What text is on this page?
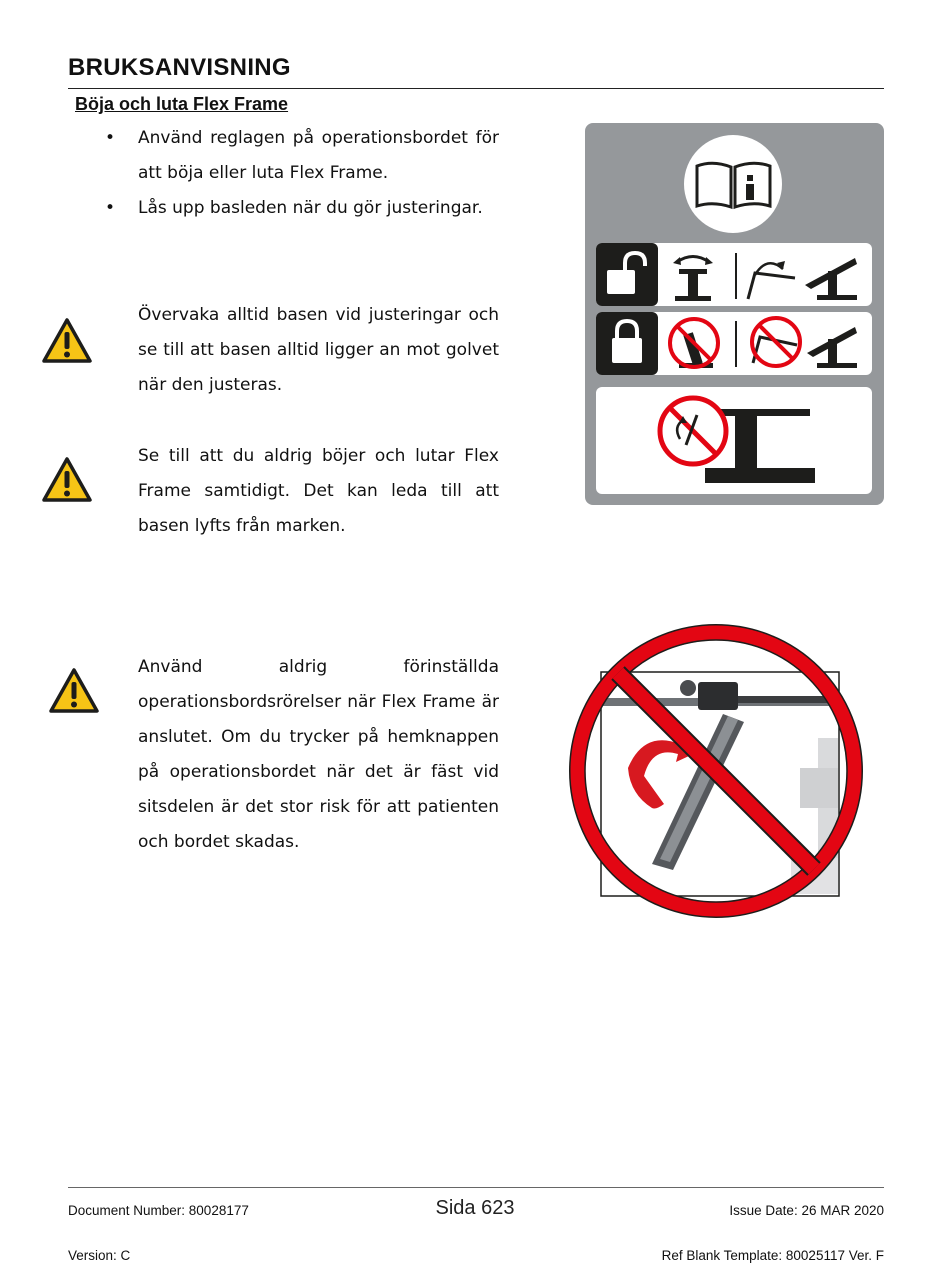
BRUKSANVISNING
Böja och luta Flex Frame
• Använd reglagen på operationsbordet för att böja eller luta Flex Frame.
• Lås upp basleden när du gör justeringar.

Övervaka alltid basen vid justeringar och se till att basen alltid ligger an mot golvet när den justeras.

Se till att du aldrig böjer och lutar Flex Frame samtidigt. Det kan leda till att basen lyfts från marken.

Använd aldrig förinställda operationsbordsrörelser när Flex Frame är anslutet. Om du trycker på hemknappen på operationsbordet när det är fäst vid sitsdelen är det stor risk för att patienten och bordet skadas.

Document Number: 80028177	Sida 623	Issue Date: 26 MAR 2020
Version: C	Ref Blank Template: 80025117 Ver. F
